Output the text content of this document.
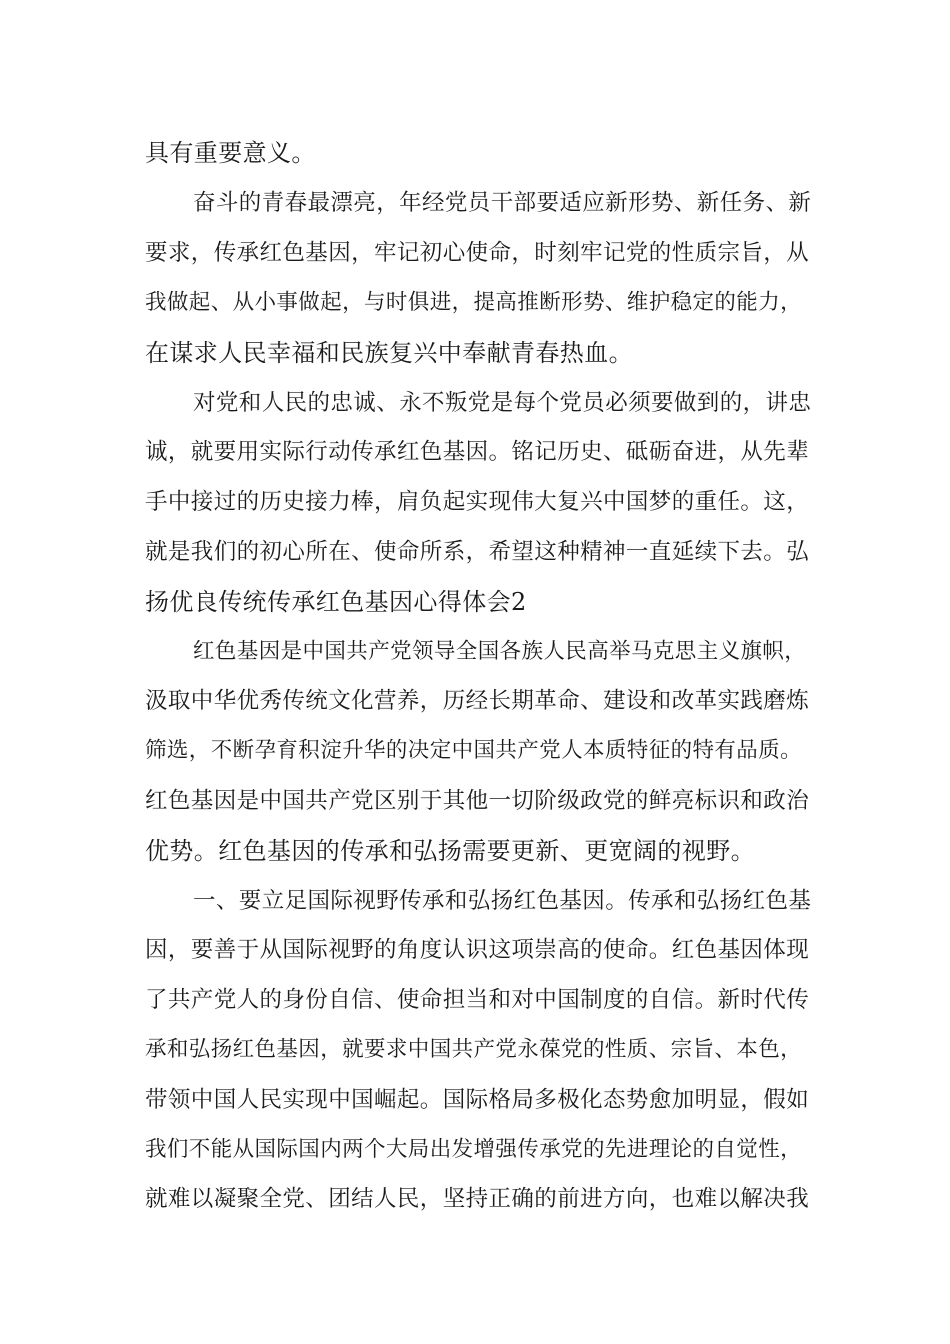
具有重要意义。
奋斗的青春最漂亮，年经党员干部要适应新形势、新任务、新
要求，传承红色基因，牢记初心使命，时刻牢记党的性质宗旨，从
我做起、从小事做起，与时俱进，提高推断形势、维护稳定的能力，
在谋求人民幸福和民族复兴中奉献青春热血。
对党和人民的忠诚、永不叛党是每个党员必须要做到的，讲忠
诚，就要用实际行动传承红色基因。铭记历史、砥砺奋进，从先辈
手中接过的历史接力棒，肩负起实现伟大复兴中国梦的重任。这，
就是我们的初心所在、使命所系，希望这种精神一直延续下去。弘
扬优良传统传承红色基因心得体会2
红色基因是中国共产党领导全国各族人民高举马克思主义旗帜，
汲取中华优秀传统文化营养，历经长期革命、建设和改革实践磨炼
筛选，不断孕育积淀升华的决定中国共产党人本质特征的特有品质。
红色基因是中国共产党区别于其他一切阶级政党的鲜亮标识和政治
优势。红色基因的传承和弘扬需要更新、更宽阔的视野。
一、要立足国际视野传承和弘扬红色基因。传承和弘扬红色基
因，要善于从国际视野的角度认识这项崇高的使命。红色基因体现
了共产党人的身份自信、使命担当和对中国制度的自信。新时代传
承和弘扬红色基因，就要求中国共产党永葆党的性质、宗旨、本色，
带领中国人民实现中国崛起。国际格局多极化态势愈加明显，假如
我们不能从国际国内两个大局出发增强传承党的先进理论的自觉性，
就难以凝聚全党、团结人民，坚持正确的前进方向，也难以解决我
